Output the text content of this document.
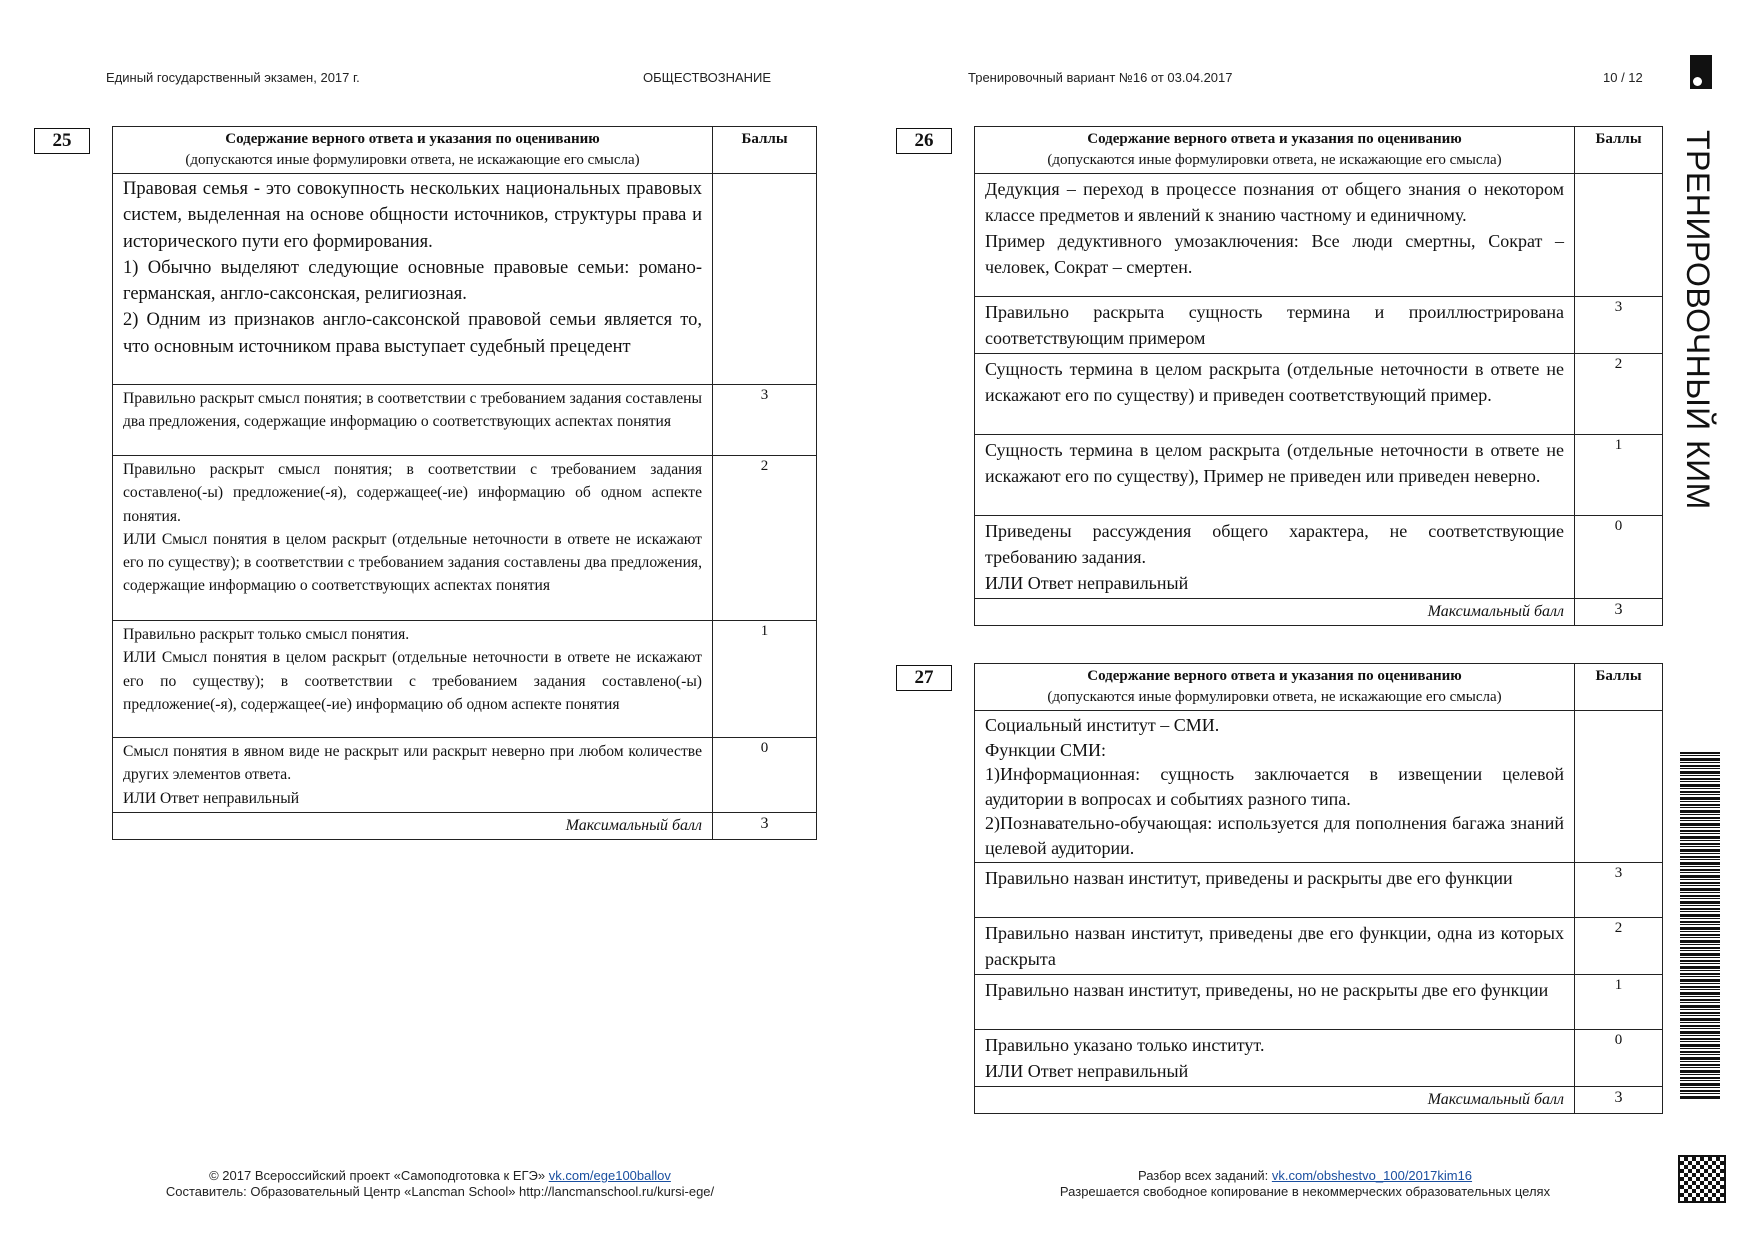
Единый государственный экзамен, 2017 г.	ОБЩЕСТВОЗНАНИЕ	Тренировочный вариант №16 от 03.04.2017	10 / 12
ТРЕНИРОВОЧНЫЙ КИМ
25	Содержание верного ответа и указания по оцениванию
(допускаются иные формулировки ответа, не искажающие его смысла)	Баллы

Правовая семья - это совокупность нескольких национальных правовых систем, выделенная на основе общности источников, структуры права и исторического пути его формирования.
1) Обычно выделяют следующие основные правовые семьи: романо-германская, англо-саксонская, религиозная.
2) Одним из признаков англо-саксонской правовой семьи является то, что основным источником права выступает судебный прецедент	

Правильно раскрыт смысл понятия; в соответствии с требованием задания составлены два предложения, содержащие информацию о соответствующих аспектах понятия	3

Правильно раскрыт смысл понятия; в соответствии с требованием задания составлено(-ы) предложение(-я), содержащее(-ие) информацию об одном аспекте понятия.
ИЛИ Смысл понятия в целом раскрыт (отдельные неточности в ответе не искажают его по существу); в соответствии с требованием задания составлены два предложения, содержащие информацию о соответствующих аспектах понятия	2

Правильно раскрыт только смысл понятия.
ИЛИ Смысл понятия в целом раскрыт (отдельные неточности в ответе не искажают его по существу); в соответствии с требованием задания составлено(-ы) предложение(-я), содержащее(-ие) информацию об одном аспекте понятия	1

Смысл понятия в явном виде не раскрыт или раскрыт неверно при любом количестве других элементов ответа.
ИЛИ Ответ неправильный	0
Максимальный балл	3
26	Содержание верного ответа и указания по оцениванию
(допускаются иные формулировки ответа, не искажающие его смысла)	Баллы

Дедукция – переход в процессе познания от общего знания о некотором классе предметов и явлений к знанию частному и единичному.
Пример дедуктивного умозаключения: Все люди смертны, Сократ – человек, Сократ – смертен.	

Правильно раскрыта сущность термина и проиллюстрирована соответствующим примером	3

Сущность термина в целом раскрыта (отдельные неточности в ответе не искажают его по существу) и приведен соответствующий пример.	2

Сущность термина в целом раскрыта (отдельные неточности в ответе не искажают его по существу), Пример не приведен или приведен неверно.	1

Приведены рассуждения общего характера, не соответствующие требованию задания.
ИЛИ Ответ неправильный	0
Максимальный балл	3
27	Содержание верного ответа и указания по оцениванию
(допускаются иные формулировки ответа, не искажающие его смысла)	Баллы

Социальный институт – СМИ.
Функции СМИ:
1)Информационная: сущность заключается в извещении целевой аудитории в вопросах и событиях разного типа.
2)Познавательно-обучающая: используется для пополнения багажа знаний целевой аудитории.	

Правильно назван институт, приведены и раскрыты две его функции	3

Правильно назван институт, приведены две его функции, одна из которых раскрыта	2

Правильно назван институт, приведены, но не раскрыты две его функции	1

Правильно указано только институт.
ИЛИ Ответ неправильный	0
Максимальный балл	3
© 2017 Всероссийский проект «Самоподготовка к ЕГЭ» vk.com/ege100ballov
Составитель: Образовательный Центр «Lancman School» http://lancmanschool.ru/kursi-ege/
Разбор всех заданий: vk.com/obshestvo_100/2017kim16
Разрешается свободное копирование в некоммерческих образовательных целях
